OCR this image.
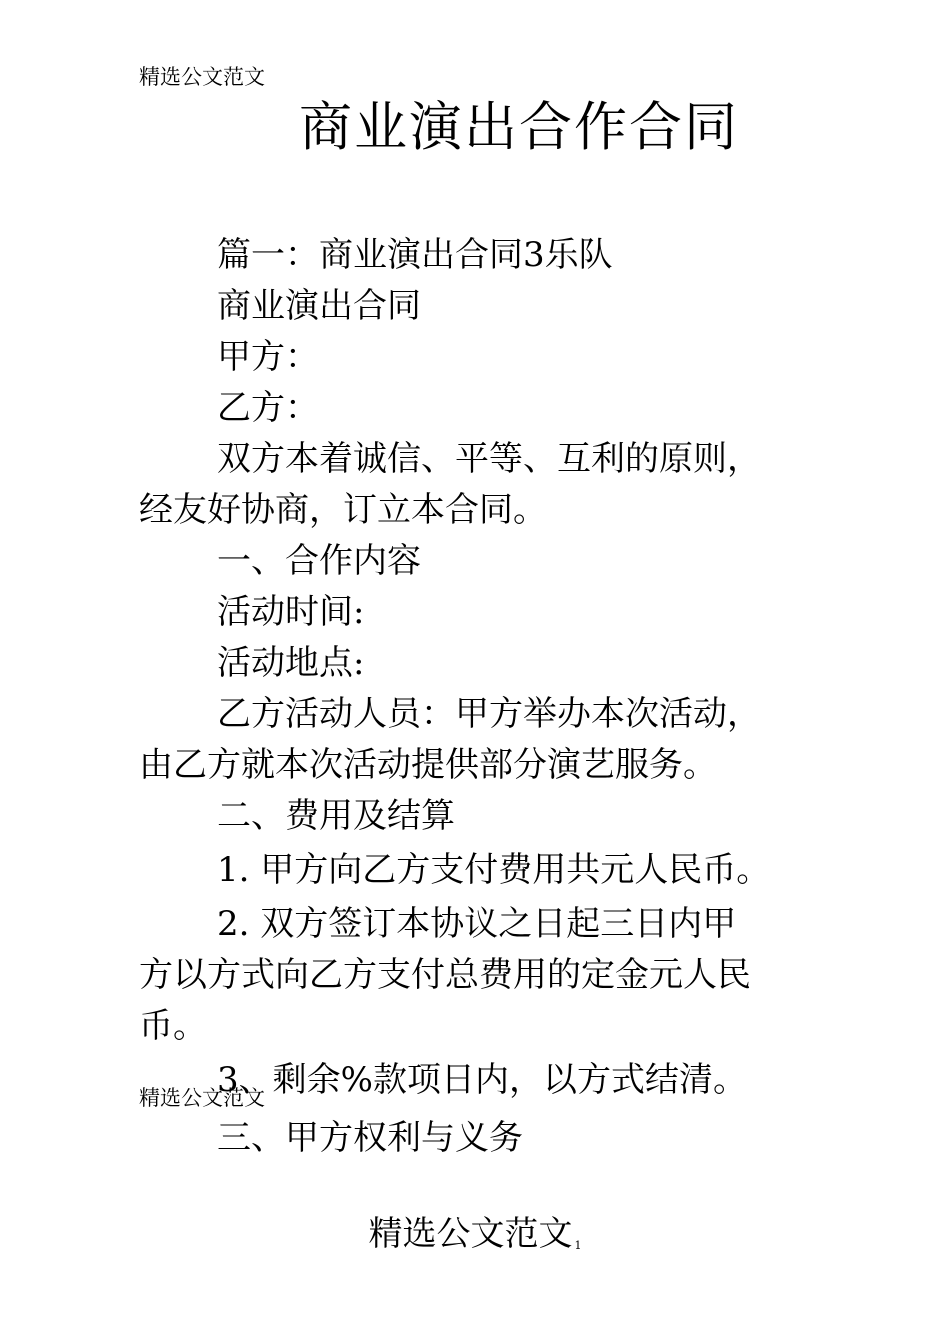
精选公文范文
商业演出合作合同

篇一：商业演出合同3乐队

商业演出合同

甲方：

乙方：

双方本着诚信、平等、互利的原则，

经友好协商，订立本合同。

一、合作内容

活动时间:

活动地点:

乙方活动人员：甲方举办本次活动，

由乙方就本次活动提供部分演艺服务。

二、费用及结算

1. 甲方向乙方支付费用共元人民币。

2. 双方签订本协议之日起三日内甲

方以方式向乙方支付总费用的定金元人民

币。

3、剩余%款项日内，以方式结清。

精选公文范文
三、甲方权利与义务
精选公文范文 $^1$
